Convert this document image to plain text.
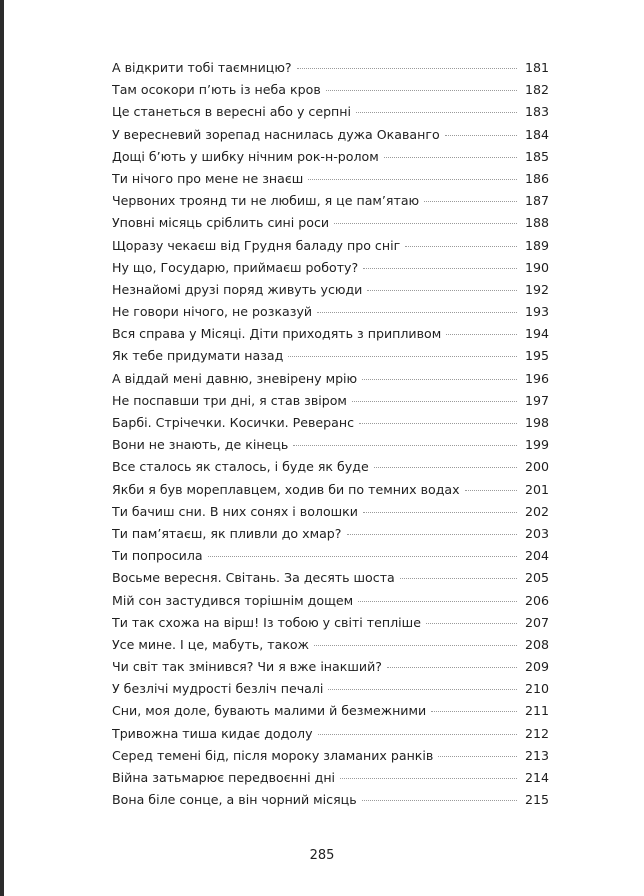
А відкрити тобі таємницю?	181
Там осокори п’ють із неба кров	182
Це станеться в вересні або у серпні	183
У вересневий зорепад наснилась дужа Окаванго	184
Дощі б’ють у шибку нічним рок-н-ролом	185
Ти нічого про мене не знаєш	186
Червоних троянд ти не любиш, я це пам’ятаю	187
Уповні місяць сріблить сині роси	188
Щоразу чекаєш від Грудня баладу про сніг	189
Ну що, Государю, приймаєш роботу?	190
Незнайомі друзі поряд живуть усюди	192
Не говори нічого, не розказуй	193
Вся справа у Місяці. Діти приходять з припливом	194
Як тебе придумати назад	195
А віддай мені давню, зневірену мрію	196
Не поспавши три дні, я став звіром	197
Барбі. Стрічечки. Косички. Реверанс	198
Вони не знають, де кінець	199
Все сталось як сталось, і буде як буде	200
Якби я був мореплавцем, ходив би по темних водах	201
Ти бачиш сни. В них сонях і волошки	202
Ти пам’ятаєш, як пливли до хмар?	203
Ти попросила	204
Восьме вересня. Світань. За десять шоста	205
Мій сон застудився торішнім дощем	206
Ти так схожа на вірш! Із тобою у світі тепліше	207
Усе мине. І це, мабуть, також	208
Чи світ так змінився? Чи я вже інакший?	209
У безлічі мудрості безліч печалі	210
Сни, моя доле, бувають малими й безмежними	211
Тривожна тиша кидає додолу	212
Серед темені бід, після мороку зламаних ранків	213
Війна затьмарює передвоєнні дні	214
Вона біле сонце, а він чорний місяць	215
285
